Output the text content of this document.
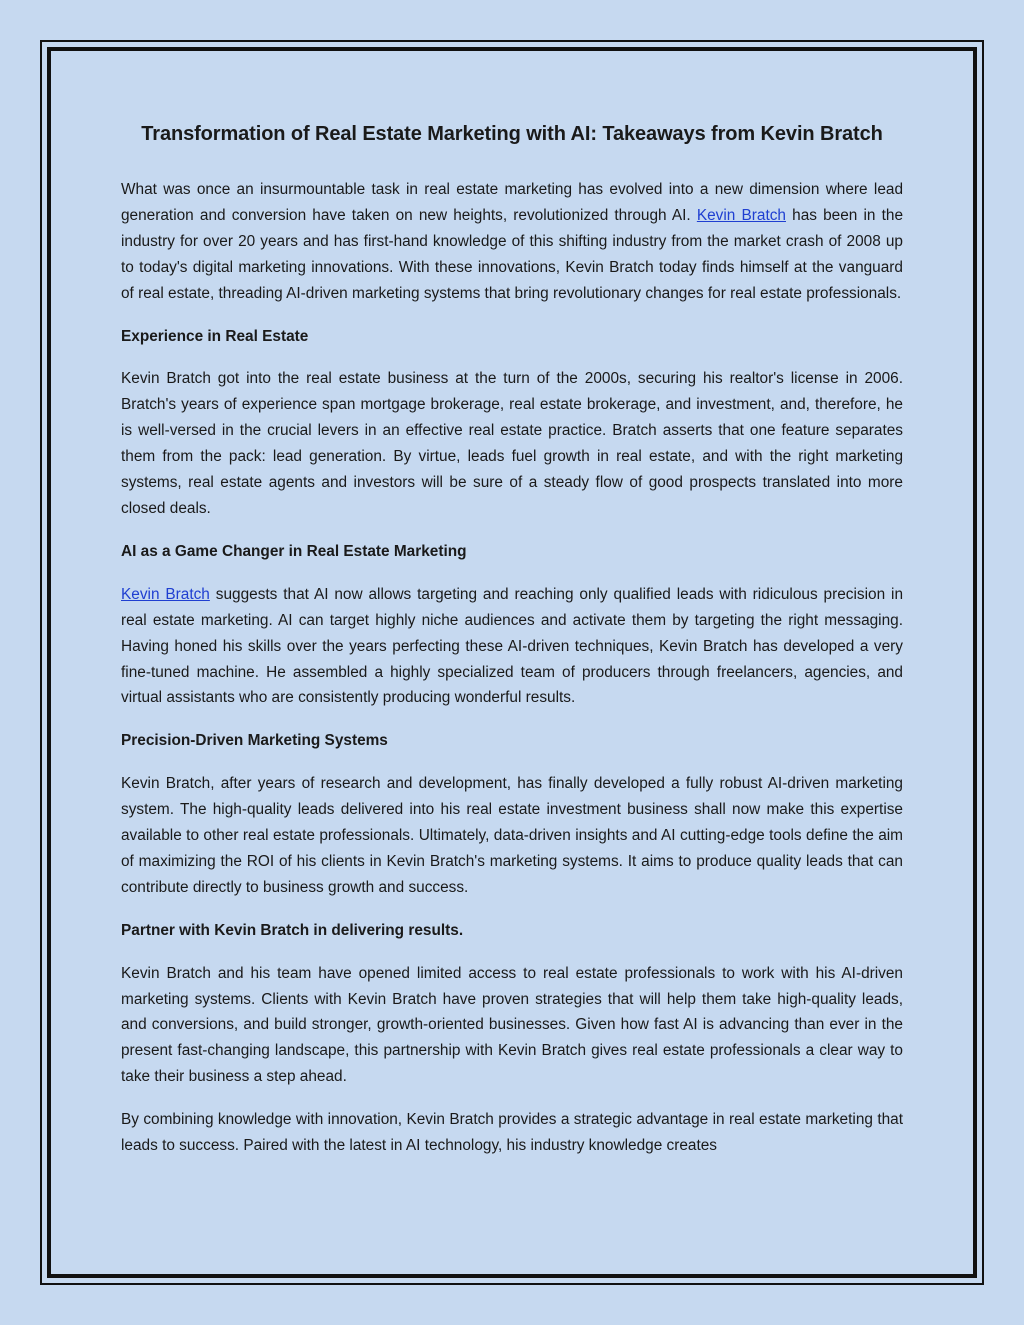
Transformation of Real Estate Marketing with AI: Takeaways from Kevin Bratch

What was once an insurmountable task in real estate marketing has evolved into a new dimension where lead generation and conversion have taken on new heights, revolutionized through AI. Kevin Bratch has been in the industry for over 20 years and has first-hand knowledge of this shifting industry from the market crash of 2008 up to today's digital marketing innovations. With these innovations, Kevin Bratch today finds himself at the vanguard of real estate, threading AI-driven marketing systems that bring revolutionary changes for real estate professionals.

Experience in Real Estate

Kevin Bratch got into the real estate business at the turn of the 2000s, securing his realtor's license in 2006. Bratch's years of experience span mortgage brokerage, real estate brokerage, and investment, and, therefore, he is well-versed in the crucial levers in an effective real estate practice. Bratch asserts that one feature separates them from the pack: lead generation. By virtue, leads fuel growth in real estate, and with the right marketing systems, real estate agents and investors will be sure of a steady flow of good prospects translated into more closed deals.

AI as a Game Changer in Real Estate Marketing

Kevin Bratch suggests that AI now allows targeting and reaching only qualified leads with ridiculous precision in real estate marketing. AI can target highly niche audiences and activate them by targeting the right messaging. Having honed his skills over the years perfecting these AI-driven techniques, Kevin Bratch has developed a very fine-tuned machine. He assembled a highly specialized team of producers through freelancers, agencies, and virtual assistants who are consistently producing wonderful results.

Precision-Driven Marketing Systems

Kevin Bratch, after years of research and development, has finally developed a fully robust AI-driven marketing system. The high-quality leads delivered into his real estate investment business shall now make this expertise available to other real estate professionals. Ultimately, data-driven insights and AI cutting-edge tools define the aim of maximizing the ROI of his clients in Kevin Bratch's marketing systems. It aims to produce quality leads that can contribute directly to business growth and success.

Partner with Kevin Bratch in delivering results.

Kevin Bratch and his team have opened limited access to real estate professionals to work with his AI-driven marketing systems. Clients with Kevin Bratch have proven strategies that will help them take high-quality leads, and conversions, and build stronger, growth-oriented businesses. Given how fast AI is advancing than ever in the present fast-changing landscape, this partnership with Kevin Bratch gives real estate professionals a clear way to take their business a step ahead.

By combining knowledge with innovation, Kevin Bratch provides a strategic advantage in real estate marketing that leads to success. Paired with the latest in AI technology, his industry knowledge creates
